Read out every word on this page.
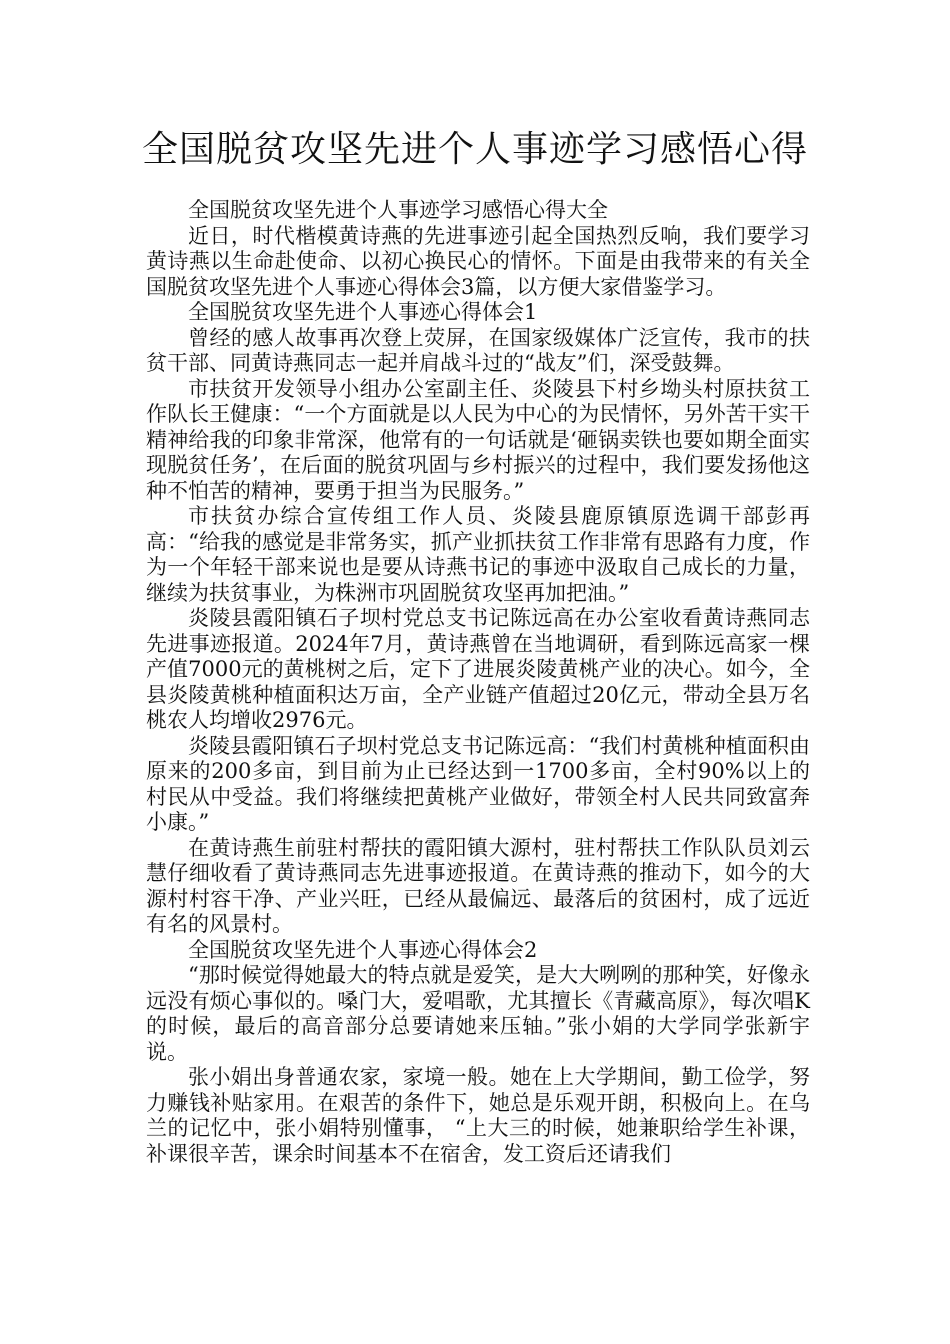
全国脱贫攻坚先进个人事迹学习感悟心得

全国脱贫攻坚先进个人事迹学习感悟心得大全

近日，时代楷模黄诗燕的先进事迹引起全国热烈反响，我们要学习黄诗燕以生命赴使命、以初心换民心的情怀。下面是由我带来的有关全国脱贫攻坚先进个人事迹心得体会3篇，以方便大家借鉴学习。

全国脱贫攻坚先进个人事迹心得体会1

曾经的感人故事再次登上荧屏，在国家级媒体广泛宣传，我市的扶贫干部、同黄诗燕同志一起并肩战斗过的“战友”们，深受鼓舞。

市扶贫开发领导小组办公室副主任、炎陵县下村乡坳头村原扶贫工作队长王健康：“一个方面就是以人民为中心的为民情怀，另外苦干实干精神给我的印象非常深，他常有的一句话就是‘砸锅卖铁也要如期全面实现脱贫任务’，在后面的脱贫巩固与乡村振兴的过程中，我们要发扬他这种不怕苦的精神，要勇于担当为民服务。”

市扶贫办综合宣传组工作人员、炎陵县鹿原镇原选调干部彭再高：“给我的感觉是非常务实，抓产业抓扶贫工作非常有思路有力度，作为一个年轻干部来说也是要从诗燕书记的事迹中汲取自己成长的力量，继续为扶贫事业，为株洲市巩固脱贫攻坚再加把油。”

炎陵县霞阳镇石子坝村党总支书记陈远高在办公室收看黄诗燕同志先进事迹报道。2024年7月，黄诗燕曾在当地调研，看到陈远高家一棵产值7000元的黄桃树之后，定下了进展炎陵黄桃产业的决心。如今，全县炎陵黄桃种植面积达万亩，全产业链产值超过20亿元，带动全县万名桃农人均增收2976元。

炎陵县霞阳镇石子坝村党总支书记陈远高：“我们村黄桃种植面积由原来的200多亩，到目前为止已经达到一1700多亩，全村90%以上的村民从中受益。我们将继续把黄桃产业做好，带领全村人民共同致富奔小康。”

在黄诗燕生前驻村帮扶的霞阳镇大源村，驻村帮扶工作队队员刘云慧仔细收看了黄诗燕同志先进事迹报道。在黄诗燕的推动下，如今的大源村村容干净、产业兴旺，已经从最偏远、最落后的贫困村，成了远近有名的风景村。

全国脱贫攻坚先进个人事迹心得体会2

“那时候觉得她最大的特点就是爱笑，是大大咧咧的那种笑，好像永远没有烦心事似的。嗓门大，爱唱歌，尤其擅长《青藏高原》，每次唱K的时候，最后的高音部分总要请她来压轴。”张小娟的大学同学张新宇说。

张小娟出身普通农家，家境一般。她在上大学期间，勤工俭学，努力赚钱补贴家用。在艰苦的条件下，她总是乐观开朗，积极向上。在乌兰的记忆中，张小娟特别懂事， “上大三的时候，她兼职给学生补课，补课很辛苦，课余时间基本不在宿舍，发工资后还请我们
